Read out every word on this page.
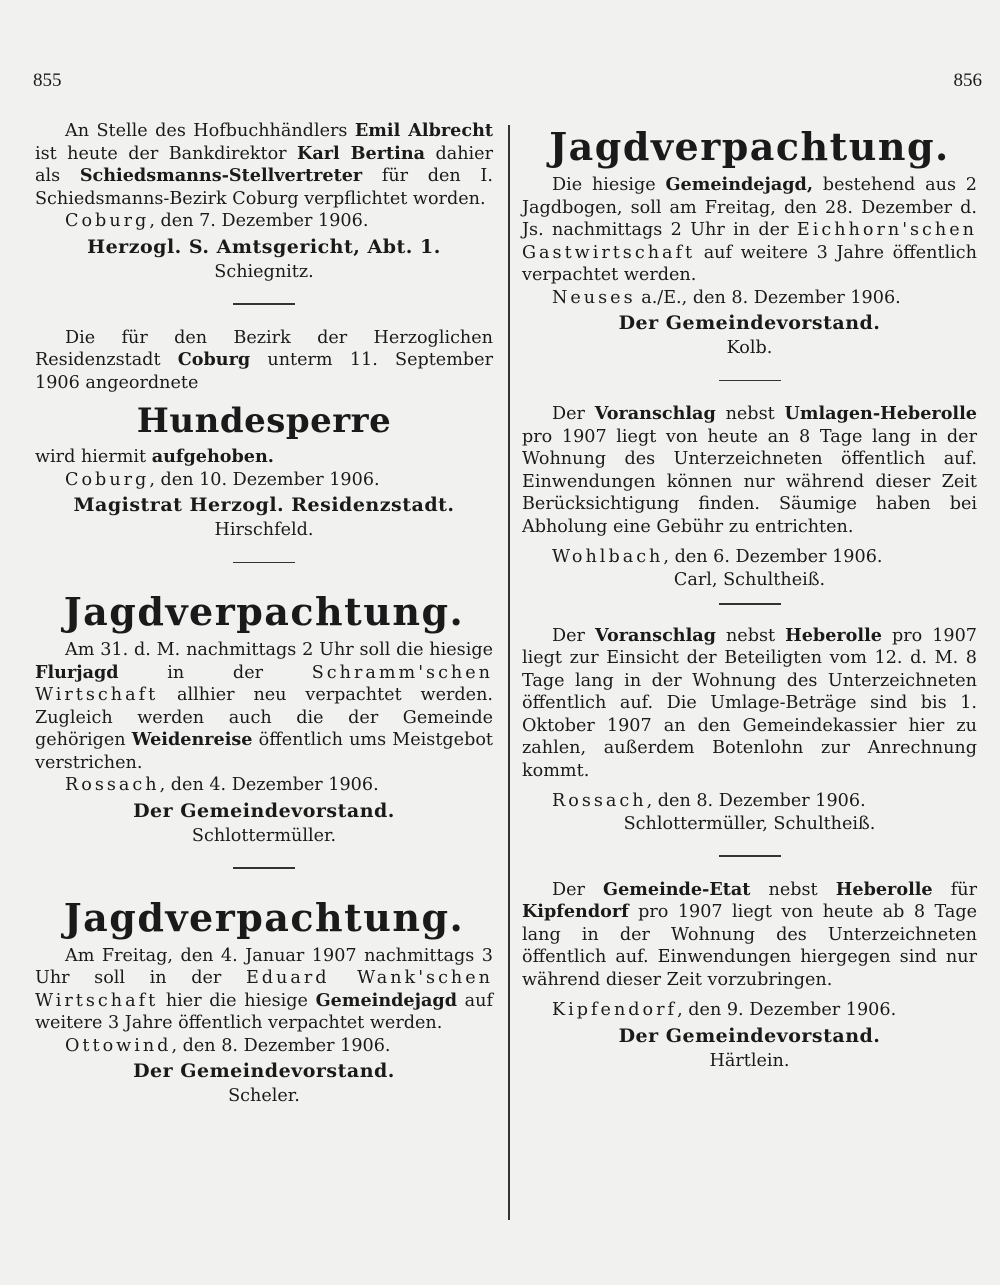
855	856

An Stelle des Hofbuchhändlers Emil Albrecht ist heute der Bankdirektor Karl Bertina dahier als Schiedsmanns-Stellvertreter für den I. Schiedsmanns-Bezirk Coburg verpflichtet worden.

Coburg, den 7. Dezember 1906.

Herzogl. S. Amtsgericht, Abt. 1.

Schiegnitz.

Die für den Bezirk der Herzoglichen Residenzstadt Coburg unterm 11. September 1906 angeordnete

Hundesperre

wird hiermit aufgehoben.

Coburg, den 10. Dezember 1906.

Magistrat Herzogl. Residenzstadt.

Hirschfeld.

Jagdverpachtung.

Am 31. d. M. nachmittags 2 Uhr soll die hiesige Flurjagd in der Schramm'schen Wirtschaft allhier neu verpachtet werden. Zugleich werden auch die der Gemeinde gehörigen Weidenreise öffentlich ums Meistgebot verstrichen.

Rossach, den 4. Dezember 1906.

Der Gemeindevorstand.

Schlottermüller.

Jagdverpachtung.

Am Freitag, den 4. Januar 1907 nachmittags 3 Uhr soll in der Eduard Wank'schen Wirtschaft hier die hiesige Gemeindejagd auf weitere 3 Jahre öffentlich verpachtet werden.

Ottowind, den 8. Dezember 1906.

Der Gemeindevorstand.

Scheler.

Jagdverpachtung.

Die hiesige Gemeindejagd, bestehend aus 2 Jagdbogen, soll am Freitag, den 28. Dezember d. Js. nachmittags 2 Uhr in der Eichhorn'schen Gastwirtschaft auf weitere 3 Jahre öffentlich verpachtet werden.

Neuses a./E., den 8. Dezember 1906.

Der Gemeindevorstand.

Kolb.

Der Voranschlag nebst Umlagen-Heberolle pro 1907 liegt von heute an 8 Tage lang in der Wohnung des Unterzeichneten öffentlich auf. Einwendungen können nur während dieser Zeit Berücksichtigung finden. Säumige haben bei Abholung eine Gebühr zu entrichten.

Wohlbach, den 6. Dezember 1906.

Carl, Schultheiß.

Der Voranschlag nebst Heberolle pro 1907 liegt zur Einsicht der Beteiligten vom 12. d. M. 8 Tage lang in der Wohnung des Unterzeichneten öffentlich auf. Die Umlage-Beträge sind bis 1. Oktober 1907 an den Gemeindekassier hier zu zahlen, außerdem Botenlohn zur Anrechnung kommt.

Rossach, den 8. Dezember 1906.

Schlottermüller, Schultheiß.

Der Gemeinde-Etat nebst Heberolle für Kipfendorf pro 1907 liegt von heute ab 8 Tage lang in der Wohnung des Unterzeichneten öffentlich auf. Einwendungen hiergegen sind nur während dieser Zeit vorzubringen.

Kipfendorf, den 9. Dezember 1906.

Der Gemeindevorstand.

Härtlein.
